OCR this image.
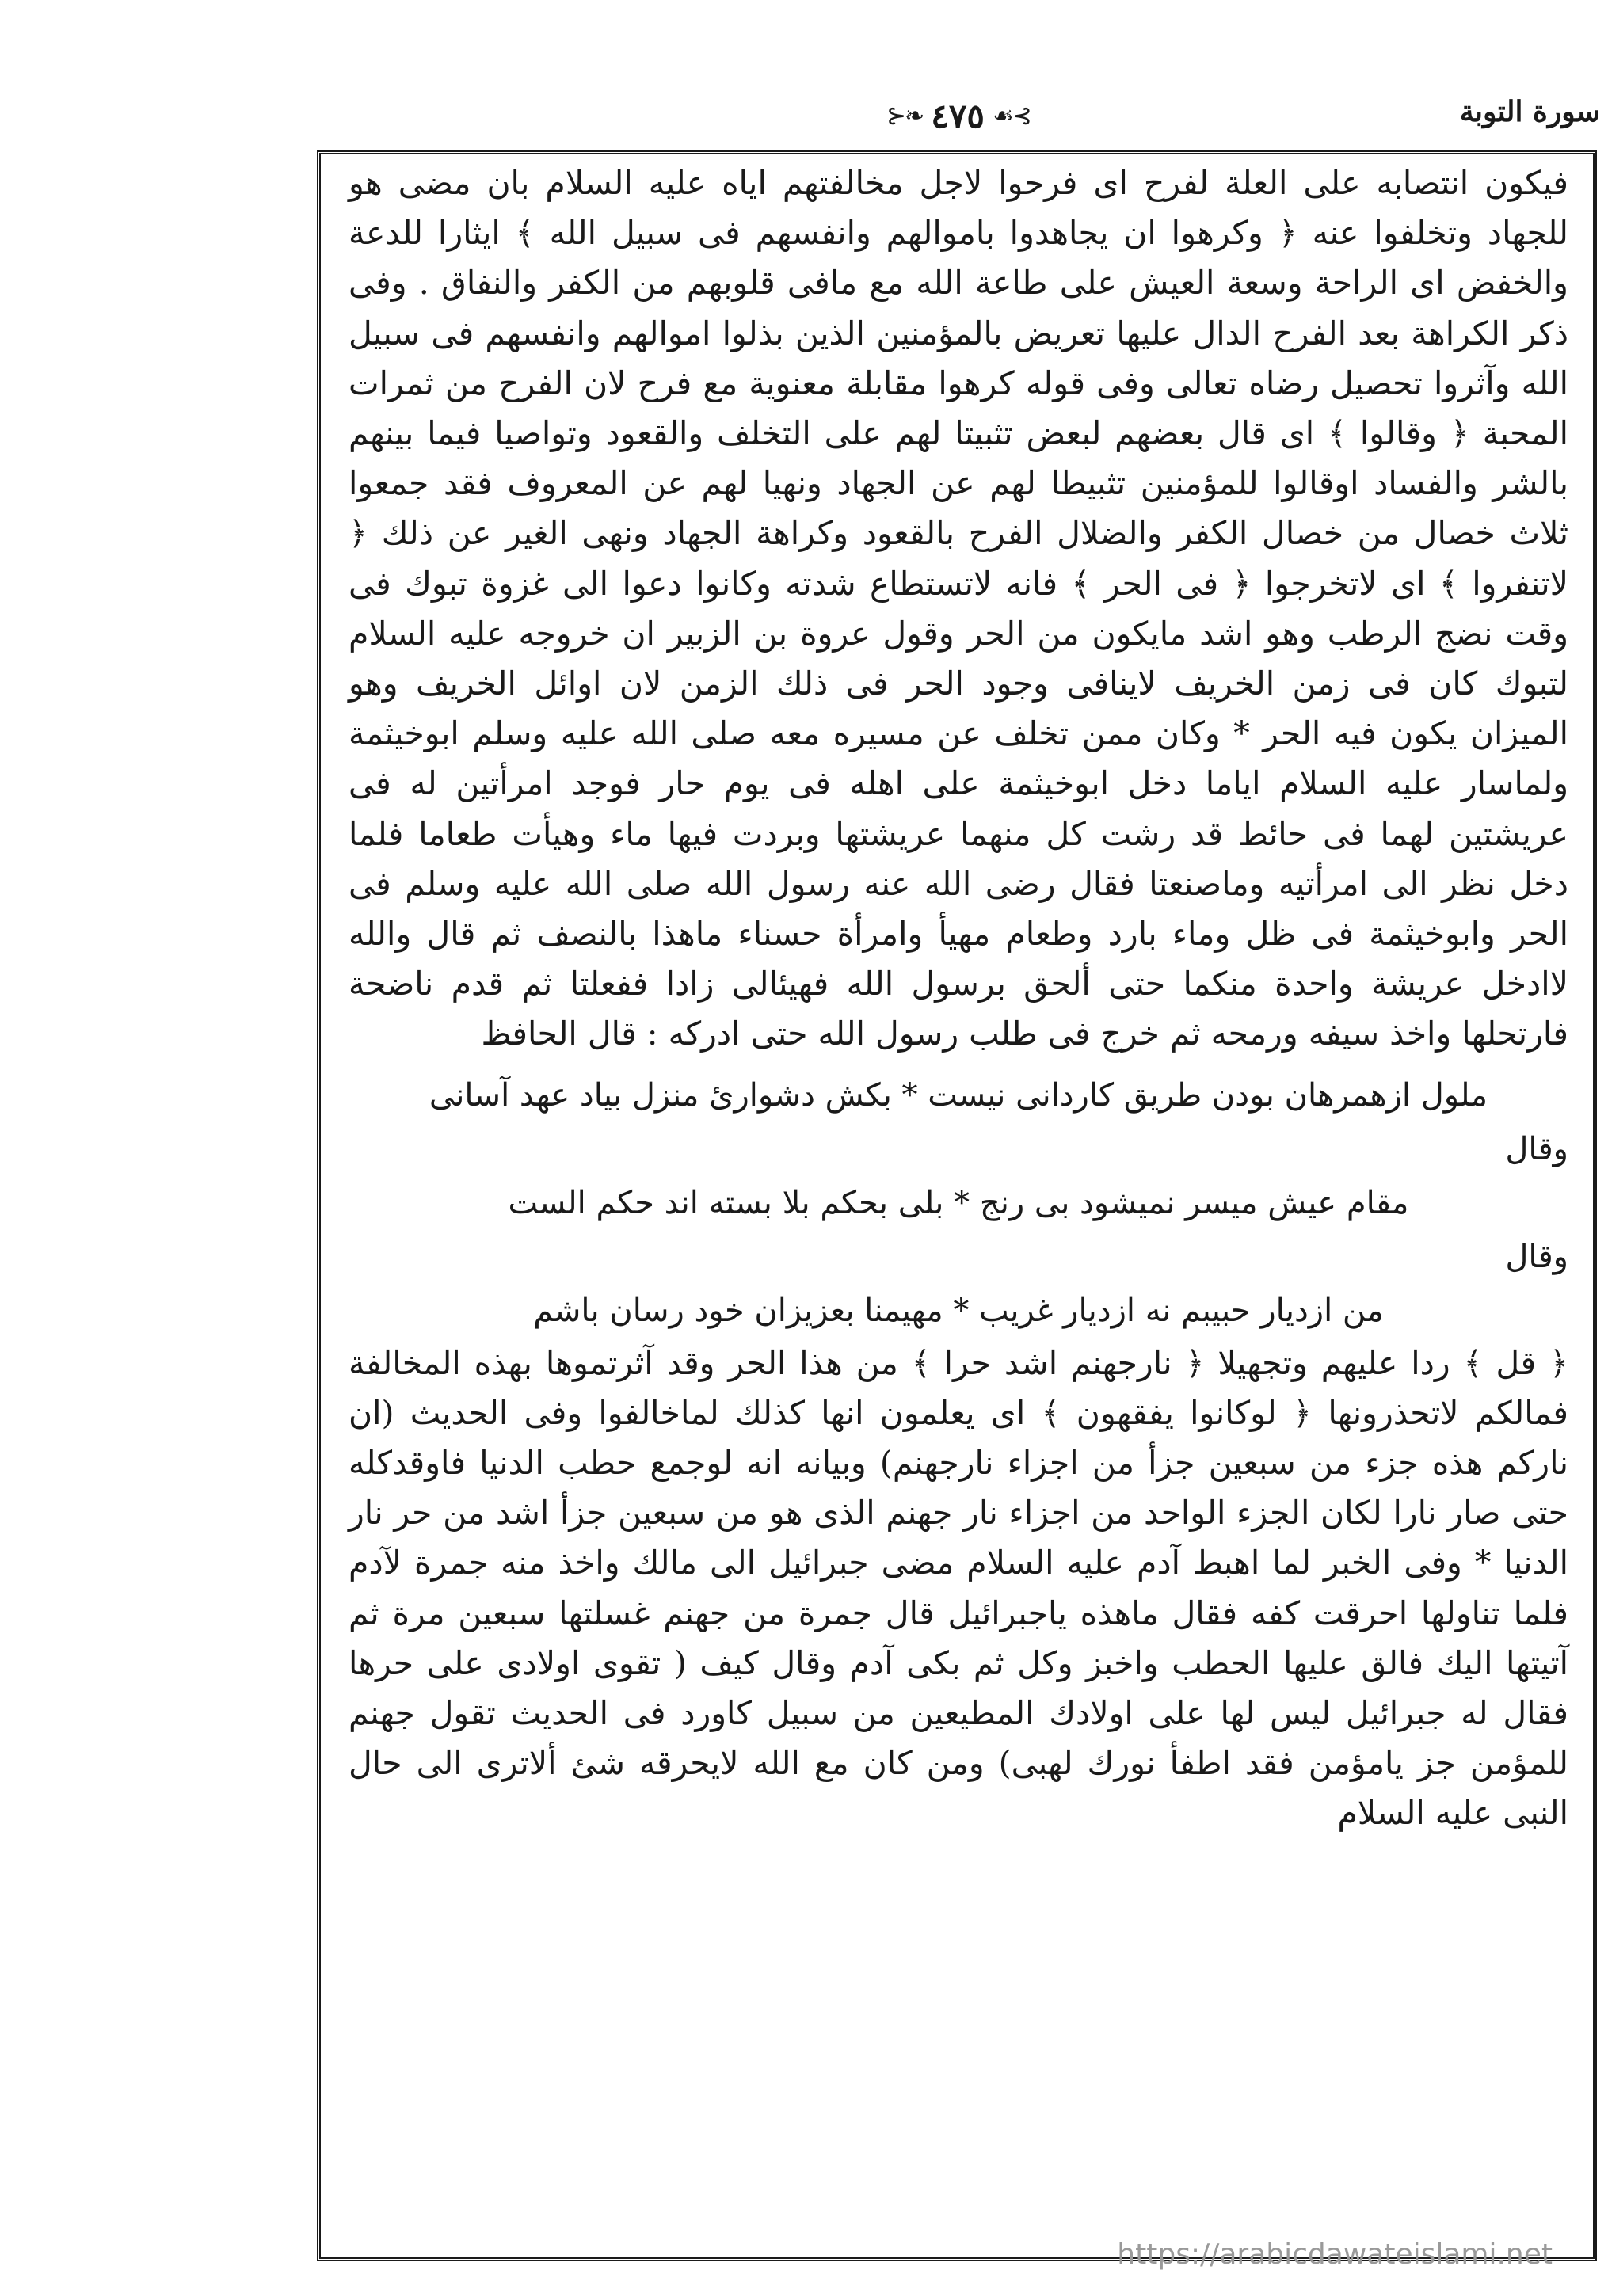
سورة التوبة
⊱❧ ٤٧٥ ☙⊰

فيكون انتصابه على العلة لفرح اى فرحوا لاجل مخالفتهم اياه عليه السلام بان مضى هو للجهاد وتخلفوا عنه ﴿ وكرهوا ان يجاهدوا باموالهم وانفسهم فى سبيل الله ﴾ ايثارا للدعة والخفض اى الراحة وسعة العيش على طاعة الله مع مافى قلوبهم من الكفر والنفاق . وفى ذكر الكراهة بعد الفرح الدال عليها تعريض بالمؤمنين الذين بذلوا اموالهم وانفسهم فى سبيل الله وآثروا تحصيل رضاه تعالى وفى قوله كرهوا مقابلة معنوية مع فرح لان الفرح من ثمرات المحبة ﴿ وقالوا ﴾ اى قال بعضهم لبعض تثبيتا لهم على التخلف والقعود وتواصيا فيما بينهم بالشر والفساد اوقالوا للمؤمنين تثبيطا لهم عن الجهاد ونهيا لهم عن المعروف فقد جمعوا ثلاث خصال من خصال الكفر والضلال الفرح بالقعود وكراهة الجهاد ونهى الغير عن ذلك ﴿ لاتنفروا ﴾ اى لاتخرجوا ﴿ فى الحر ﴾ فانه لاتستطاع شدته وكانوا دعوا الى غزوة تبوك فى وقت نضج الرطب وهو اشد مايكون من الحر وقول عروة بن الزبير ان خروجه عليه السلام لتبوك كان فى زمن الخريف لاينافى وجود الحر فى ذلك الزمن لان اوائل الخريف وهو الميزان يكون فيه الحر * وكان ممن تخلف عن مسيره معه صلى الله عليه وسلم ابوخيثمة ولماسار عليه السلام اياما دخل ابوخيثمة على اهله فى يوم حار فوجد امرأتين له فى عريشتين لهما فى حائط قد رشت كل منهما عريشتها وبردت فيها ماء وهيأت طعاما فلما دخل نظر الى امرأتيه وماصنعتا فقال رضى الله عنه رسول الله صلى الله عليه وسلم فى الحر وابوخيثمة فى ظل وماء بارد وطعام مهيأ وامرأة حسناء ماهذا بالنصف ثم قال والله لاادخل عريشة واحدة منكما حتى ألحق برسول الله فهيئالى زادا ففعلتا ثم قدم ناضحة فارتحلها واخذ سيفه ورمحه ثم خرج فى طلب رسول الله حتى ادركه : قال الحافظ

ملول ازهمرهان بودن طريق كاردانى نيست * بكش دشوارئ منزل بياد عهد آسانى

وقال

مقام عيش ميسر نميشود بى رنج * بلى بحكم بلا بسته اند حكم الست

وقال

من ازديار حبيبم نه ازديار غريب * مهيمنا بعزيزان خود رسان باشم

﴿ قل ﴾ ردا عليهم وتجهيلا ﴿ نارجهنم اشد حرا ﴾ من هذا الحر وقد آثرتموها بهذه المخالفة فمالكم لاتحذرونها ﴿ لوكانوا يفقهون ﴾ اى يعلمون انها كذلك لماخالفوا وفى الحديث (ان ناركم هذه جزء من سبعين جزأ من اجزاء نارجهنم) وبيانه انه لوجمع حطب الدنيا فاوقدكله حتى صار نارا لكان الجزء الواحد من اجزاء نار جهنم الذى هو من سبعين جزأ اشد من حر نار الدنيا * وفى الخبر لما اهبط آدم عليه السلام مضى جبرائيل الى مالك واخذ منه جمرة لآدم فلما تناولها احرقت كفه فقال ماهذه ياجبرائيل قال جمرة من جهنم غسلتها سبعين مرة ثم آتيتها اليك فالق عليها الحطب واخبز وكل ثم بكى آدم وقال كيف ( تقوى اولادى على حرها فقال له جبرائيل ليس لها على اولادك المطيعين من سبيل كاورد فى الحديث تقول جهنم للمؤمن جز يامؤمن فقد اطفأ نورك لهبى) ومن كان مع الله لايحرقه شئ ألاترى الى حال النبى عليه السلام

https://arabicdawateislami.net
